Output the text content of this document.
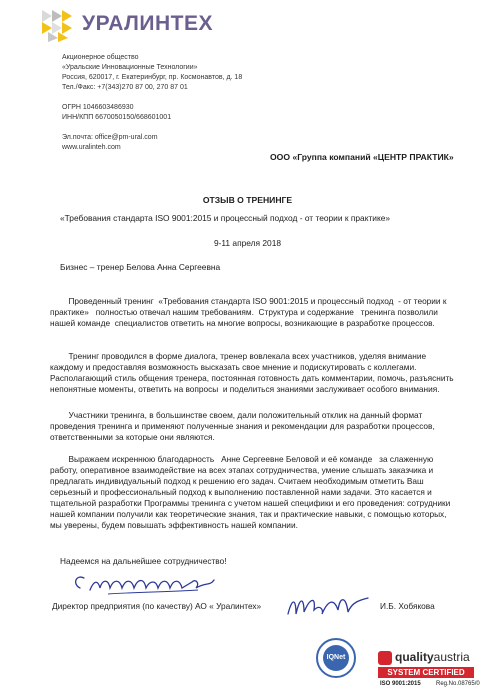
УРАЛИНТЕХ
Акционерное общество
«Уральские Инновационные Технологии»
Россия, 620017, г. Екатеринбург, пр. Космонавтов, д. 18
Тел./Факс: +7(343)270 87 00, 270 87 01

ОГРН 1046603486930
ИНН/КПП 6670050150/668601001

Эл.почта: office@pm-ural.com
www.uralinteh.com
ООО «Группа компаний «ЦЕНТР ПРАКТИК»
ОТЗЫВ О ТРЕНИНГЕ
«Требования стандарта ISO 9001:2015 и процессный подход - от теории к практике»
9-11 апреля 2018
Бизнес – тренер Белова Анна Сергеевна
Проведенный тренинг  «Требования стандарта ISO 9001:2015 и процессный подход  - от теории к
практике»   полностью отвечал нашим требованиям.  Структура и содержание   тренинга позволили
нашей команде  специалистов ответить на многие вопросы, возникающие в разработке процессов.
Тренинг проводился в форме диалога, тренер вовлекала всех участников, уделяя внимание
каждому и предоставляя возможность высказать свое мнение и подискутировать с коллегами.
Располагающий стиль общения тренера, постоянная готовность дать комментарии, помочь, разъяснить
непонятные моменты, ответить на вопросы  и поделиться знаниями заслуживает особого внимания.
Участники тренинга, в большинстве своем, дали положительный отклик на данный формат
проведения тренинга и применяют полученные знания и рекомендации для разработки процессов,
ответственными за которые они являются.
Выражаем искреннюю благодарность   Анне Сергеевне Беловой и её команде   за слаженную
работу, оперативное взаимодействие на всех этапах сотрудничества, умение слышать заказчика и
предлагать индивидуальный подход к решению его задач. Считаем необходимым отметить Ваш
серьезный и профессиональный подход к выполнению поставленной нами задачи. Это касается и
тщательной разработки Программы тренинга с учетом нашей специфики и его проведения: сотрудники
нашей компании получили как теоретические знания, так и практические навыки, с помощью которых,
мы уверены, будем повышать эффективность нашей компании.
Надеемся на дальнейшее сотрудничество!
Директор предприятия (по качеству) АО « Уралинтех»	И.Б. Хобякова
IQNet	qualityaustria
SYSTEM CERTIFIED
ISO 9001:2015	Reg.No.08765/0
